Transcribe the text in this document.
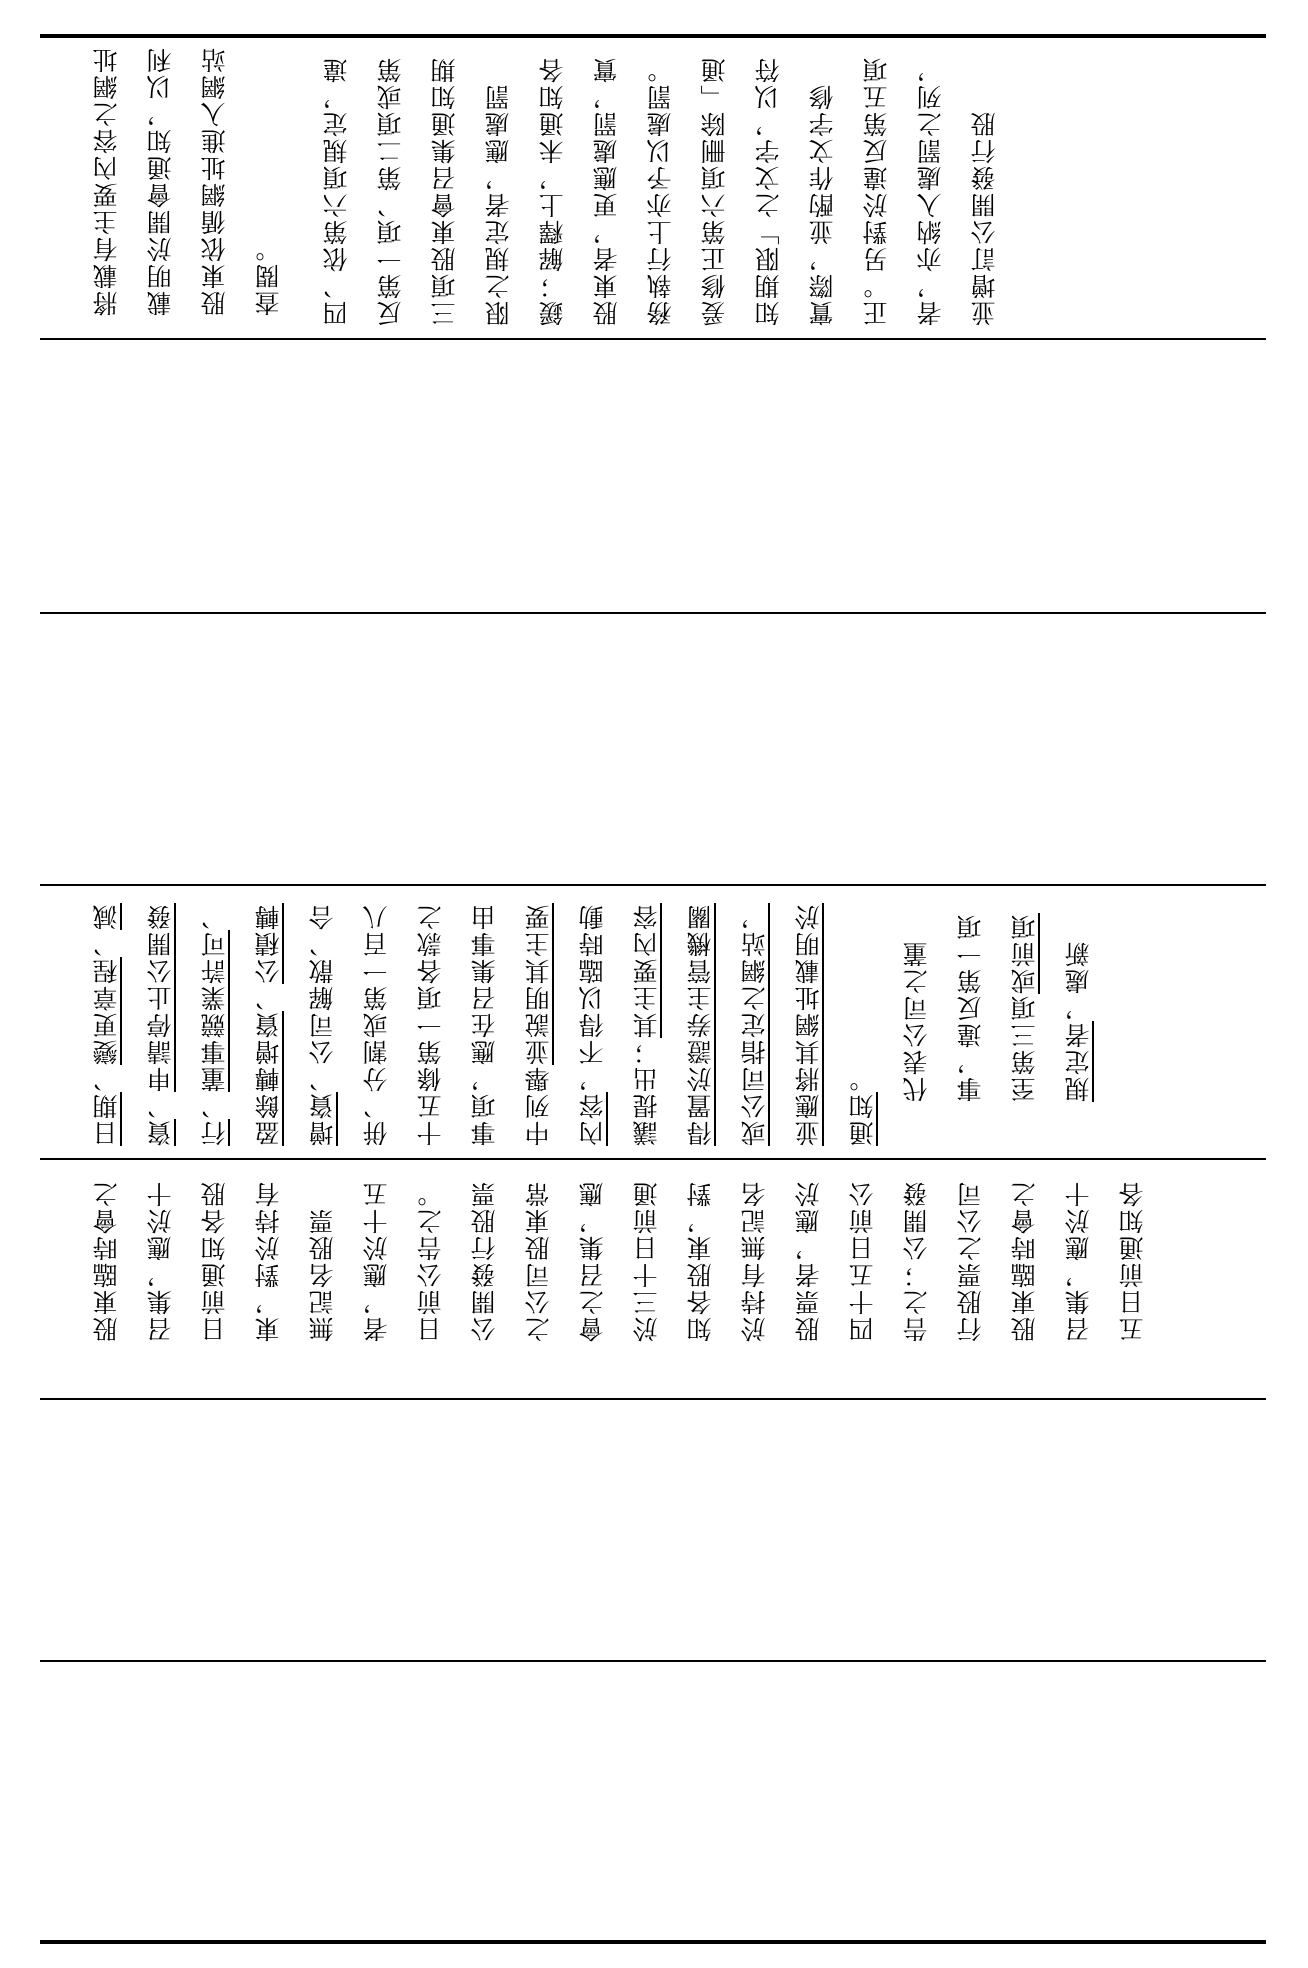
將載有主要內容之網址載明於開會通知，以利股東依循網址進入網站查閱。	四、依第六項規定，違反第一項、第二項或第三項股東會召集通知期限之規定者，應處罰鍰；解釋上，未通知各股東者，更應處罰，實務執行上亦予以處罰。爰修正第六項刪除「通知期限」之文字，以符實際，並酌作文字修正。另對於違反第五項者，亦納入處罰之列，並增訂公開發行股

日期、變更章程、減資、申請停止公開發行、董事競業許可、盈餘轉增資、公積轉增資、公司解散、合併、分割或第一百八十五條第一項各款之事項，應在召集事由中列舉並說明其主要內容，不得以臨時動議提出；其主要內容得置於證券主管機關或公司指定之網站，並應將其網址載明於通知。	代表公司之董事，違反第一項至第三項或前項規定者，處新

股東臨時會之召集，應於十日前通知各股東，對於持有無記名股票者，應於十五日前公告之。	公開發行股票之公司股東常會之召集，應於三十日前通知各股東，對於持有無記名股票者，應於四十五日前公告之；公開發行股票之公司股東臨時會之召集，應於十五日前通知各
